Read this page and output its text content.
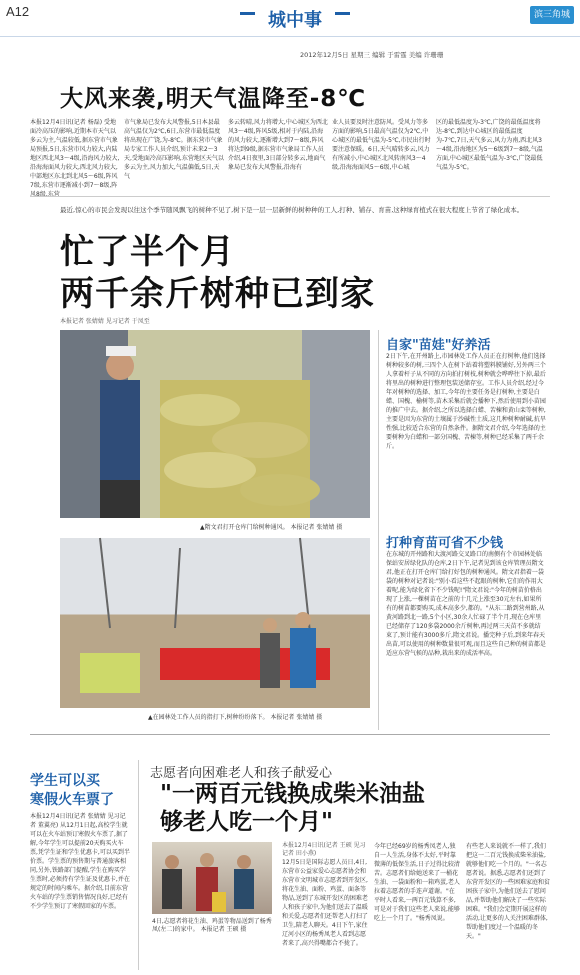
A12	城中事	滨三角城市
2012年12月5日 星期三 编辑 于雷霆 美编 许珊珊
大风来袭,明天气温降至-8℃
本报12月4日讯(记者 杨磊) 受地面冷高压的影响,近期本市天气以多云为主,气温较低,据东营市气象局预报,5日,东营市风力较大,内陆地区西北风3～4级,沿海风力较大,沿海海面风力较大,西北风力较大,中部地区东北到北风5～6级,阵风7级,东营市逐渐减小到7～8级,阵风8级,东营
市气象局已发布大风警报,5日本县最高气温仅为2℃,6日,东营市最低温度将出现在广饶,为-8℃。据东营市气象局专家工作人员介绍,预计未来2～3天,受地面冷高压影响,东营地区天气以多云为主,风力加大,气温偏低,5日,天气
多云转晴,风力将增大,中心城区为西北风3～4级,阵风5级,相对于内陆,沿海的风力较大,逐渐增大到7～8级,阵风将达到9级,据东营市气象局工作人员介绍,4日夜里,3日部分转多云,地面气象局已发布大风警报,沿海有
业人员要及时注意防风。受风力等多方面的影响,5日最高气温仅为2℃,中心城区的最低气温为-5℃,市民出行时要注意保暖。6日,天气晴转多云,风力有所减小,中心城区北风转南风3～4级,沿海海面风5～6级,中心城
区的最低温度为-3℃,广饶的最低温度将达-8℃,到达中心城区的最低温度为-7℃,7日,天气多云,风力为南,西北风3～4级,沿海地区为5～6级到7～8级,气温方面,中心城区最低气温为-3℃,广饶最低气温为-5℃。
最近,惊心的市民会发现以往这个季节随风飘飞的树种不见了,树下是一层一层新鲜的树种种的工人,打种、铺存、育苗,这种绿育植式在很大程度上节省了绿化成本。
忙了半个月
两千余斤树种已到家
本报记者 张婧婧 见习记者 于凤至
▲隋文君打开仓库门给树种通风。 本报记者 张婧婧 摄
▲在园林处工作人员的指打下,树种纷纷落下。 本报记者 张婧婧 摄
自家"苗娃"好养活
2日下午,在开州路上,市园林处工作人员正在打树种,他们选择树种较多的树,三四个人在树下站着将塑料膜铺好,另外两三个人拿着杆子从不同的方向拍打树枝,树种就会哗哗往下掉,最后将里出的树种进行整理包装送储存室。工作人员介绍,经过今年对树种的选择、加工,今年的主要任务是打树种,主要是白蜡、国槐、榆树等,苗木采集后就会播种下,然后使用到小苗园的推广中去。据介绍,之所以选择白蜡、苦楝和黄山栾等树种,主要是因为东营的土壤属于沙碱性土质,这几种树种耐碱,抗旱性强,比较适合东营的自然条件。据隋文君介绍,今年选择的主要树种为白蜡和一部分国槐、苦楝等,树种已经采集了两千余斤。
打种育苗可省不少钱
在东城的开州路和大渡河路交叉路口的南侧有个市园林处临保站安居绿化队的仓库,2日下午,记者见到该仓库管理员隋文君,他正在打开仓库门给打好包的树种通风。隋文君指着一袋袋的树种对记者说:"别小看这些不起眼的树种,它们的作用大着呢,能为绿化省下不少钱呢!"隋文君说:"今年的树苗价格出现了上涨,一棵树苗在之前的十几元上涨至30元左右,如果所有的树苗都要购买,成本高多少,都的。"从东二路到营州路,从黄河路到北一路,5个小区,30余人忙碌了半个月,现在仓库里已经储存了120多袋2000余斤树种,再过两三天苗不多就结束了,预计能有3000多斤,隋文君说。播完种子后,到来年春天出苗,可以使用的树种数量很可观,而且这些自己种的树苗都是适应东营气候的品种,栽出来的成活率高。
学生可以买
寒假火车票了
本报12月4日讯(记者 张婧婧 见习记者 董翼亮) 从12月1日起,高校学生就可以在火车站预订寒假火车票了,据了解,今年学生可以提前20天购买火车票,凭学生证和学生优惠卡,可以买到半价票。学生票的预售期与普通旅客相同,另外,铁路部门提醒,学生在购买学生票时,必须持有学生证及优惠卡,并在规定的时间内乘车。据介绍,目前东营火车站的学生票销售情况良好,已经有不少学生预订了寒假回家的车票。
志愿者向困难老人和孩子献爱心
"一两百元钱换成柴米油盐
够老人吃一个月"
4日,志愿者将花生油、鸡蛋等物品送到了杨秀凤(左二)的家中。 本报记者 王硕 摄
本报12月4日讯(记者 王硕 见习记者 田小燕)
12月5日是国际志愿人员日,4日,东营市公益家爱心志愿者协会和东营市文明城市志愿者到开发区,将花生油、面粉、鸡蛋、面条等物品,送到了东城开发区的困难老人和孩子家中,为他们送去了温暖和关爱,志愿者们还帮老人打扫了卫生,陪老人聊天。4日下午,家住辽河小区的杨秀凤老人看到志愿者来了,高兴得嘴都合不拢了。
今年已经69岁的杨秀凤老人,独自一人生活,身体不太好,平时靠微薄的低保生活,日子过得比较清苦。志愿者们给她送来了一桶花生油、一袋面粉和一箱鸡蛋,老人拉着志愿者的手连声道谢。"在平时人看来,一两百元钱算不多,可是对于我们这些老人来说,能够吃上一个月了。"杨秀凤说。
有些老人来说就不一样了,我们把这一二百元钱换成柴米油盐,就够他们吃一个月的。"一名志愿者说。据悉,志愿者们还到了东营开发区的一些困难家庭和贫困孩子家中,为他们送去了慰问品,并帮助他们解决了一些实际困难。"我们会定期开展这样的活动,让更多的人关注困难群体,帮助他们度过一个温暖的冬天。"
